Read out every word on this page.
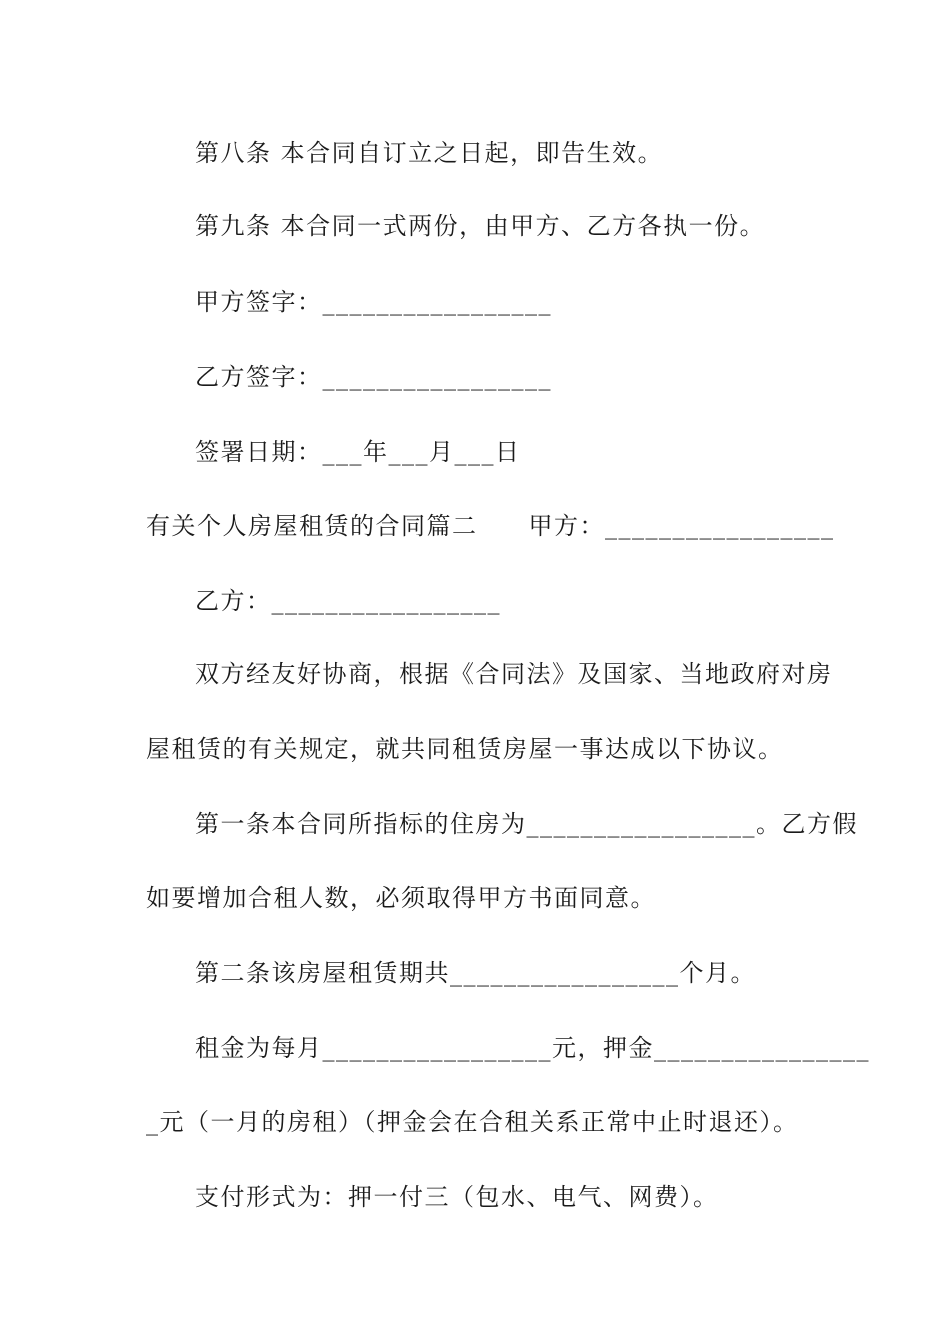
第八条 本合同自订立之日起，即告生效。
第九条 本合同一式两份，由甲方、乙方各执一份。
甲方签字：_________________
乙方签字：_________________
签署日期：___年___月___日
有关个人房屋租赁的合同篇二　　甲方：_________________
乙方：_________________
双方经友好协商，根据《合同法》及国家、当地政府对房
屋租赁的有关规定，就共同租赁房屋一事达成以下协议。
第一条本合同所指标的住房为_________________。乙方假
如要增加合租人数，必须取得甲方书面同意。
第二条该房屋租赁期共_________________个月。
租金为每月_________________元，押金________________
_元（一月的房租）（押金会在合租关系正常中止时退还）。
支付形式为：押一付三（包水、电气、网费）。
